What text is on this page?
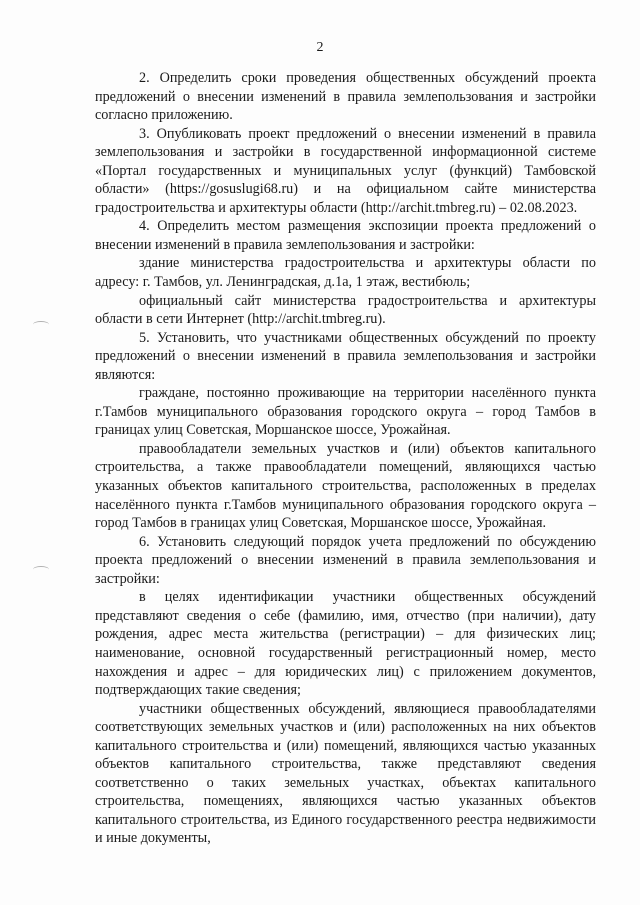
2

2. Определить сроки проведения общественных обсуждений проекта предложений о внесении изменений в правила землепользования и застройки согласно приложению.

3. Опубликовать проект предложений о внесении изменений в правила землепользования и застройки в государственной информационной системе «Портал государственных и муниципальных услуг (функций) Тамбовской области» (https://gosuslugi68.ru) и на официальном сайте министерства градостроительства и архитектуры области (http://archit.tmbreg.ru) – 02.08.2023.

4. Определить местом размещения экспозиции проекта предложений о внесении изменений в правила землепользования и застройки:

здание министерства градостроительства и архитектуры области по адресу: г. Тамбов, ул. Ленинградская, д.1а, 1 этаж, вестибюль;

официальный сайт министерства градостроительства и архитектуры области в сети Интернет (http://archit.tmbreg.ru).

5. Установить, что участниками общественных обсуждений по проекту предложений о внесении изменений в правила землепользования и застройки являются:

граждане, постоянно проживающие на территории населённого пункта г.Тамбов муниципального образования городского округа – город Тамбов в границах улиц Советская, Моршанское шоссе, Урожайная.

правообладатели земельных участков и (или) объектов капитального строительства, а также правообладатели помещений, являющихся частью указанных объектов капитального строительства, расположенных в пределах населённого пункта г.Тамбов муниципального образования городского округа – город Тамбов в границах улиц Советская, Моршанское шоссе, Урожайная.

6. Установить следующий порядок учета предложений по обсуждению проекта предложений о внесении изменений в правила землепользования и застройки:

в целях идентификации участники общественных обсуждений представляют сведения о себе (фамилию, имя, отчество (при наличии), дату рождения, адрес места жительства (регистрации) – для физических лиц; наименование, основной государственный регистрационный номер, место нахождения и адрес – для юридических лиц) с приложением документов, подтверждающих такие сведения;

участники общественных обсуждений, являющиеся правообладателями соответствующих земельных участков и (или) расположенных на них объектов капитального строительства и (или) помещений, являющихся частью указанных объектов капитального строительства, также представляют сведения соответственно о таких земельных участках, объектах капитального строительства, помещениях, являющихся частью указанных объектов капитального строительства, из Единого государственного реестра недвижимости и иные документы,
